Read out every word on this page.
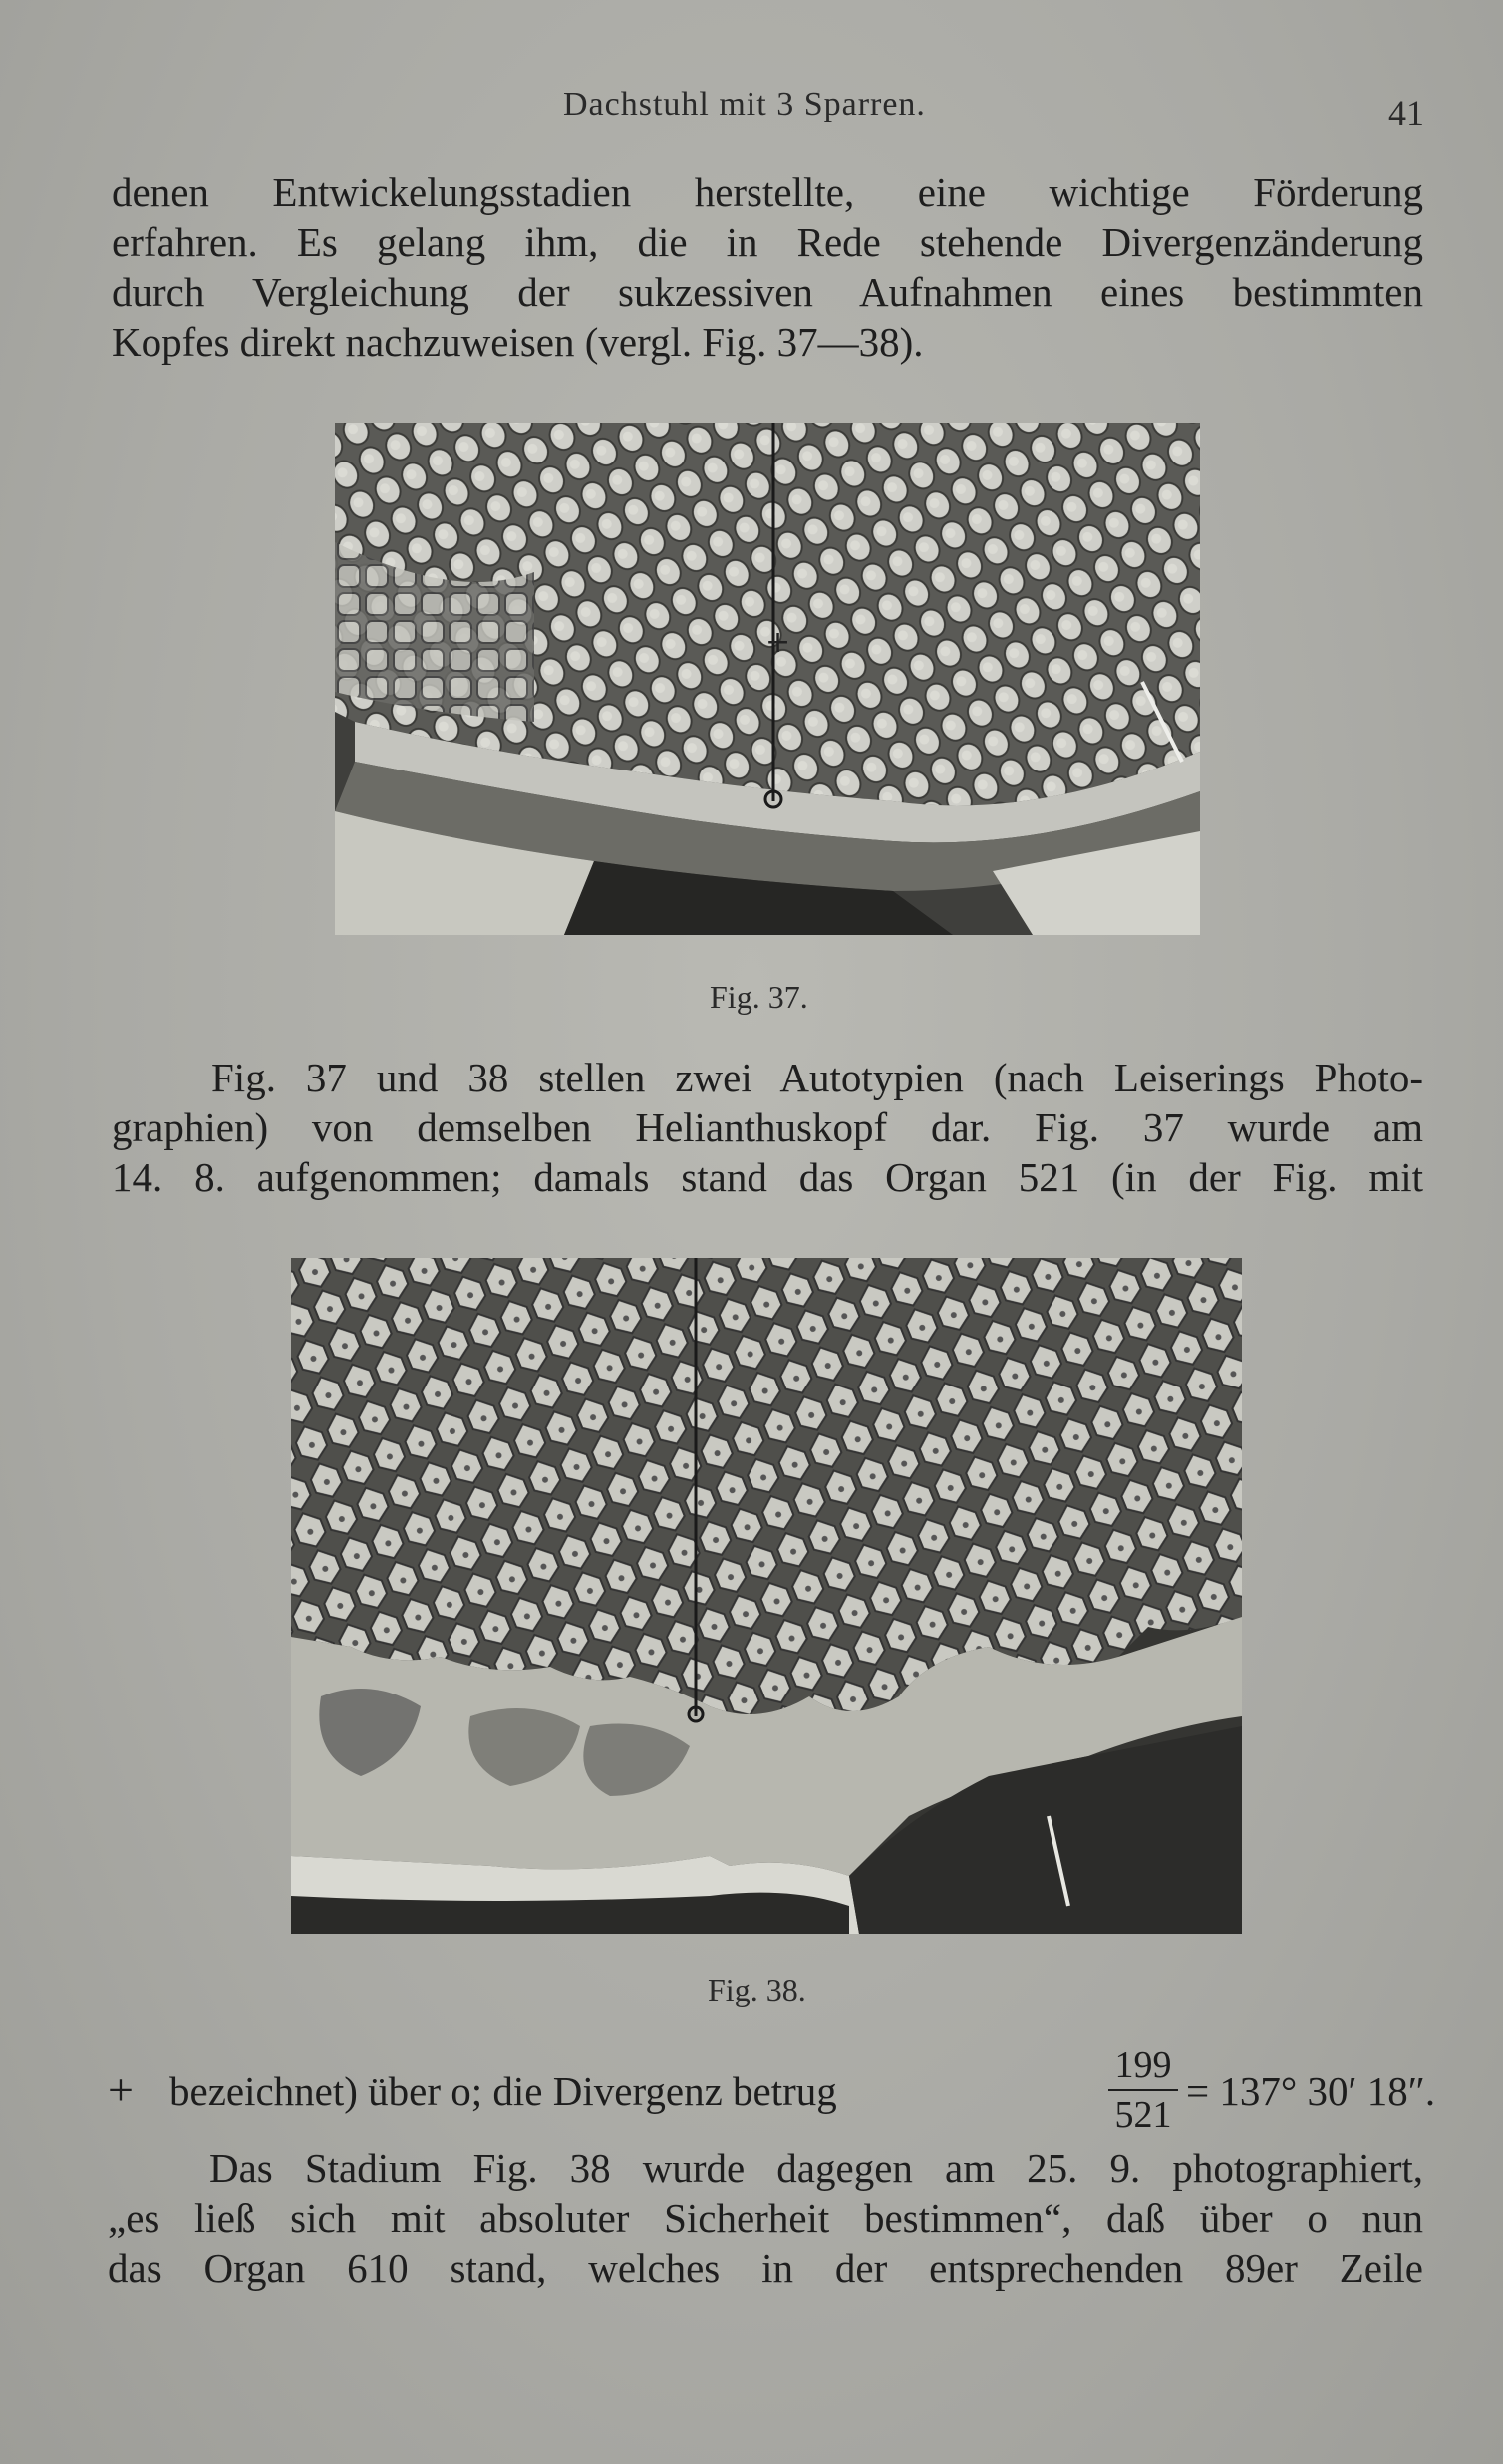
Dachstuhl mit 3 Sparren.	41
denen Entwickelungsstadien herstellte, eine wichtige Förderung
erfahren. Es gelang ihm, die in Rede stehende Divergenzänderung
durch Vergleichung der sukzessiven Aufnahmen eines bestimmten
Kopfes direkt nachzuweisen (vergl. Fig. 37—38).
+
Fig. 37.
Fig. 37 und 38 stellen zwei Autotypien (nach Leiserings Photo-
graphien) von demselben Helianthuskopf dar. Fig. 37 wurde am
14. 8. aufgenommen; damals stand das Organ 521 (in der Fig. mit
Fig. 38.
+ bezeichnet) über o; die Divergenz betrug
199
521
= 137° 30′ 18″.
Das Stadium Fig. 38 wurde dagegen am 25. 9. photographiert,
„es ließ sich mit absoluter Sicherheit bestimmen“, daß über o nun
das Organ 610 stand, welches in der entsprechenden 89er Zeile
